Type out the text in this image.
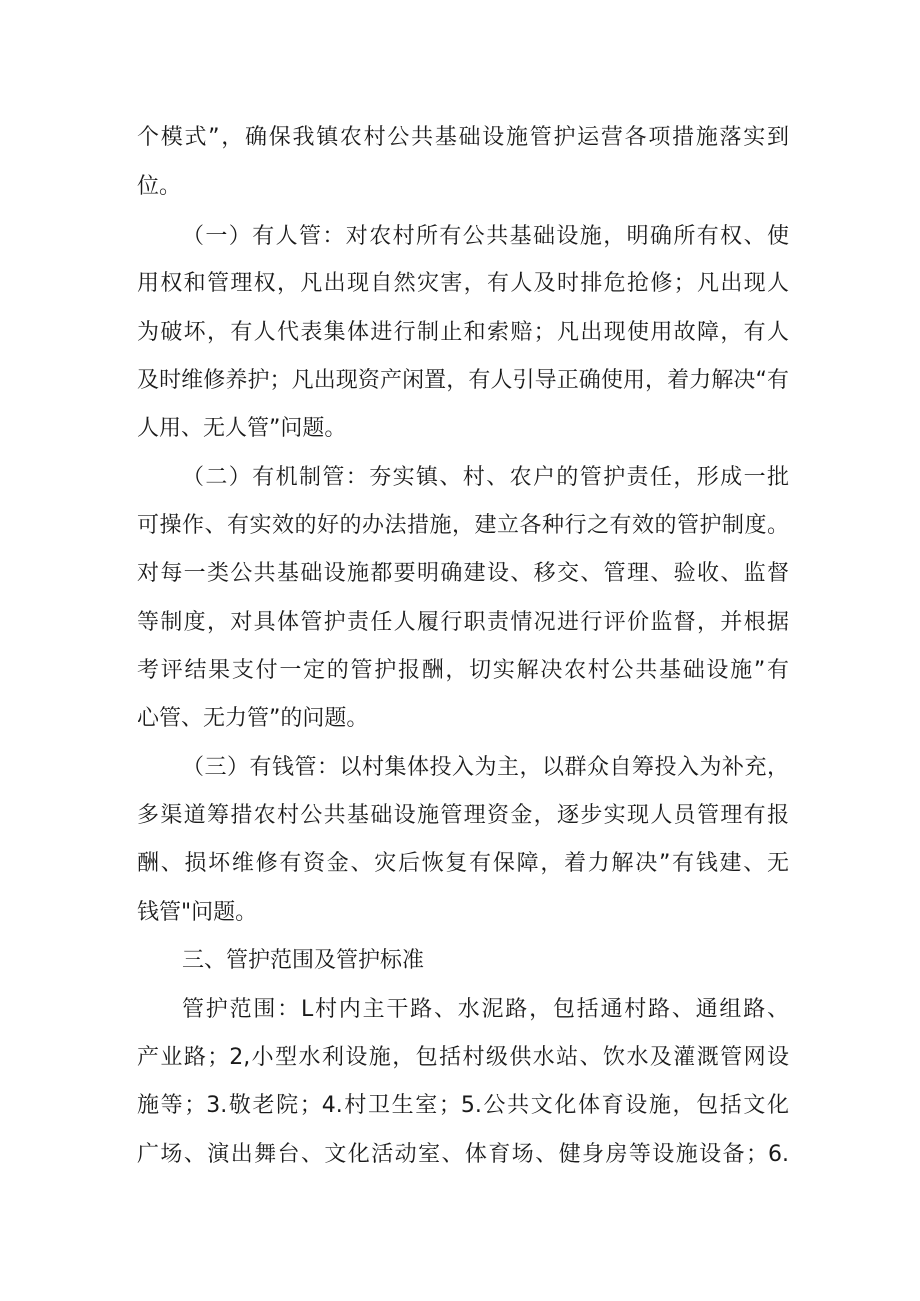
个模式”，确保我镇农村公共基础设施管护运营各项措施落实到
位。
（一）有人管：对农村所有公共基础设施，明确所有权、使
用权和管理权，凡出现自然灾害，有人及时排危抢修；凡出现人
为破坏，有人代表集体进行制止和索赔；凡出现使用故障，有人
及时维修养护；凡出现资产闲置，有人引导正确使用，着力解决“有
人用、无人管”问题。
（二）有机制管：夯实镇、村、农户的管护责任，形成一批
可操作、有实效的好的办法措施，建立各种行之有效的管护制度。
对每一类公共基础设施都要明确建设、移交、管理、验收、监督
等制度，对具体管护责任人履行职责情况进行评价监督，并根据
考评结果支付一定的管护报酬，切实解决农村公共基础设施”有
心管、无力管”的问题。
（三）有钱管：以村集体投入为主，以群众自筹投入为补充，
多渠道筹措农村公共基础设施管理资金，逐步实现人员管理有报
酬、损坏维修有资金、灾后恢复有保障，着力解决”有钱建、无
钱管"问题。
三、管护范围及管护标准
管护范围：L村内主干路、水泥路，包括通村路、通组路、
产业路；2,小型水利设施，包括村级供水站、饮水及灌溉管网设
施等；3.敬老院；4.村卫生室；5.公共文化体育设施，包括文化
广场、演出舞台、文化活动室、体育场、健身房等设施设备；6.
